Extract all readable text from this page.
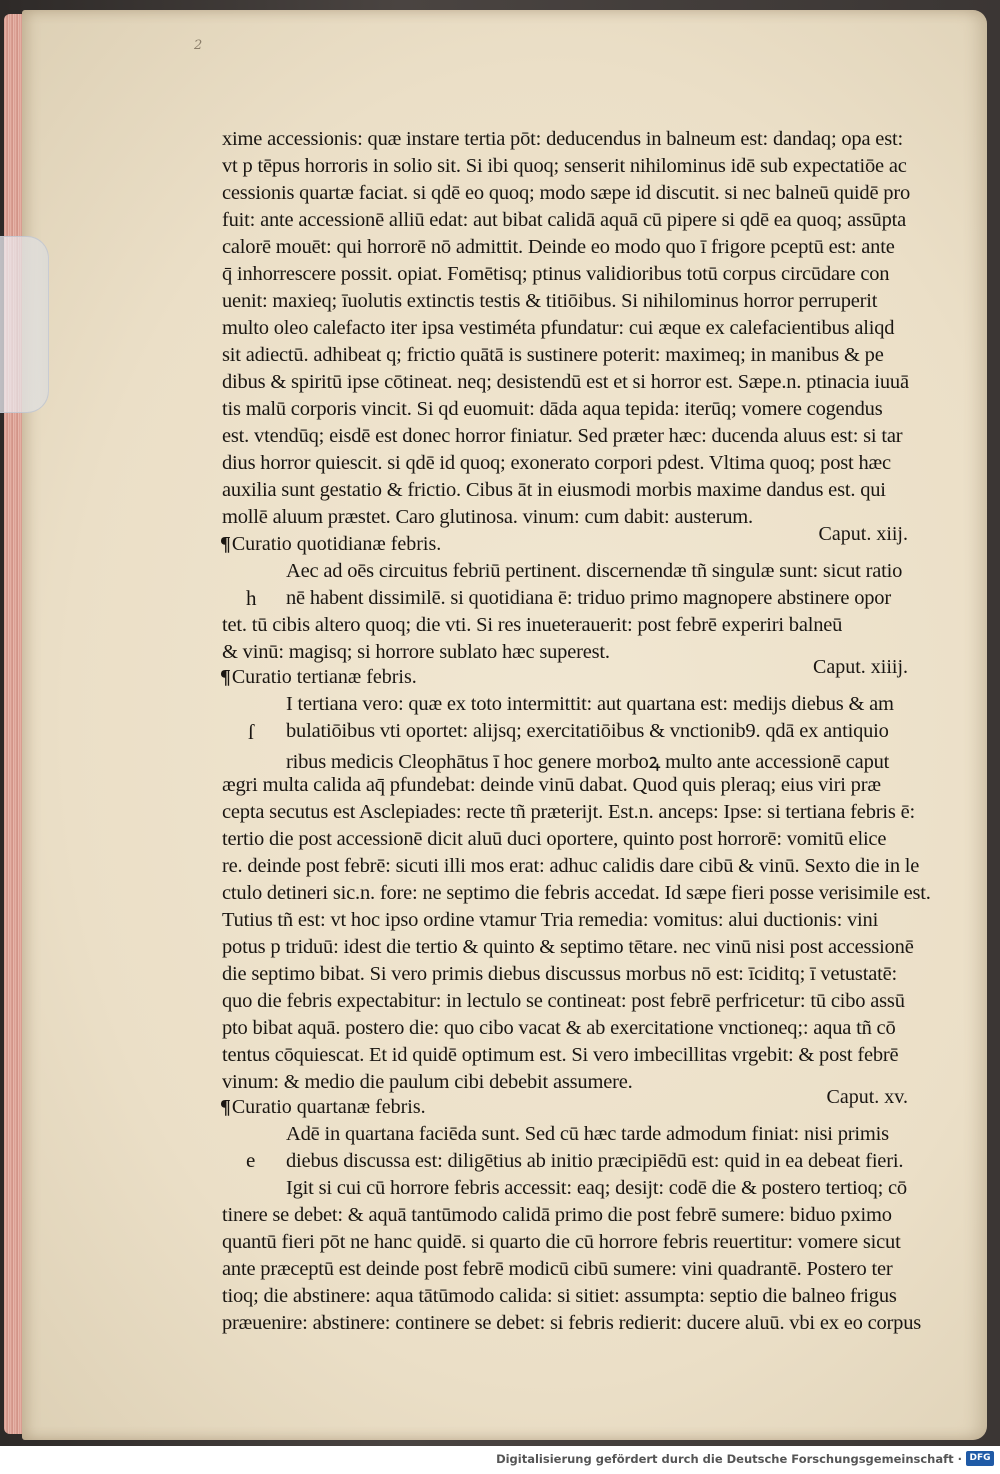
2
xime accessionis: quæ instare tertia pōt: deducendus in balneum est: dandaq; opa est:
vt p tēpus horroris in solio sit. Si ibi quoq; senserit nihilominus idē sub expectatiōe ac
cessionis quartæ faciat. si qdē eo quoq; modo sæpe id discutit. si nec balneū quidē pro
fuit: ante accessionē alliū edat: aut bibat calidā aquā cū pipere si qdē ea quoq; assūpta
calorē mouēt: qui horrorē nō admittit. Deinde eo modo quo ī frigore pceptū est: ante
q̄ inhorrescere possit. opiat. Fomētisq; ptinus validioribus totū corpus circūdare con
uenit: maxieq; īuolutis extinctis testis & titiōibus. Si nihilominus horror perruperit
multo oleo calefacto iter ipsa vestiméta pfundatur: cui æque ex calefacientibus aliqd
sit adiectū. adhibeat q; frictio quātā is sustinere poterit: maximeq; in manibus & pe
dibus & spiritū ipse cōtineat. neq; desistendū est et si horror est. Sæpe.n. ptinacia iuuā
tis malū corporis vincit. Si qd euomuit: dāda aqua tepida: iterūq; vomere cogendus
est. vtendūq; eisdē est donec horror finiatur. Sed præter hæc: ducenda aluus est: si tar
dius horror quiescit. si qdē id quoq; exonerato corpori pdest. Vltima quoq; post hæc
auxilia sunt gestatio & frictio. Cibus āt in eiusmodi morbis maxime dandus est. qui
mollē aluum præstet. Caro glutinosa. vinum: cum dabit: austerum.
¶Curatio quotidianæ febris.	Caput. xiij.
h
Aec ad oēs circuitus febriū pertinent. discernendæ tñ singulæ sunt: sicut ratio
nē habent dissimilē. si quotidiana ē: triduo primo magnopere abstinere opor
tet. tū cibis altero quoq; die vti. Si res inueterauerit: post febrē experiri balneū
& vinū: magisq; si horrore sublato hæc superest.
¶Curatio tertianæ febris.	Caput. xiiij.
ſ
I tertiana vero: quæ ex toto intermittit: aut quartana est: medijs diebus & am
bulatiōibus vti oportet: alijsq; exercitatiōibus & vnctionib9. qdā ex antiquio
ribus medicis Cleophātus ī hoc genere morboꝝ multo ante accessionē caput
ægri multa calida aq̄ pfundebat: deinde vinū dabat. Quod quis pleraq; eius viri præ
cepta secutus est Asclepiades: recte tñ præterijt. Est.n. anceps: Ipse: si tertiana febris ē:
tertio die post accessionē dicit aluū duci oportere, quinto post horrorē: vomitū elice
re. deinde post febrē: sicuti illi mos erat: adhuc calidis dare cibū & vinū. Sexto die in le
ctulo detineri sic.n. fore: ne septimo die febris accedat. Id sæpe fieri posse verisimile est.
Tutius tñ est: vt hoc ipso ordine vtamur Tria remedia: vomitus: alui ductionis: vini
potus p triduū: idest die tertio & quinto & septimo tētare. nec vinū nisi post accessionē
die septimo bibat. Si vero primis diebus discussus morbus nō est: īciditq; ī vetustatē:
quo die febris expectabitur: in lectulo se contineat: post febrē perfricetur: tū cibo assū
pto bibat aquā. postero die: quo cibo vacat & ab exercitatione vnctioneq;: aqua tñ cō
tentus cōquiescat. Et id quidē optimum est. Si vero imbecillitas vrgebit: & post febrē
vinum: & medio die paulum cibi debebit assumere.
¶Curatio quartanæ febris.	Caput. xv.
e
Adē in quartana faciēda sunt. Sed cū hæc tarde admodum finiat: nisi primis
diebus discussa est: diligētius ab initio præcipiēdū est: quid in ea debeat fieri.
Igit si cui cū horrore febris accessit: eaq; desijt: codē die & postero tertioq; cō
tinere se debet: & aquā tantūmodo calidā primo die post febrē sumere: biduo pximo
quantū fieri pōt ne hanc quidē. si quarto die cū horrore febris reuertitur: vomere sicut
ante præceptū est deinde post febrē modicū cibū sumere: vini quadrantē. Postero ter
tioq; die abstinere: aqua tātūmodo calida: si sitiet: assumpta: septio die balneo frigus
præuenire: abstinere: continere se debet: si febris redierit: ducere aluū. vbi ex eo corpus
Digitalisierung gefördert durch die Deutsche Forschungsgemeinschaft · DFG
